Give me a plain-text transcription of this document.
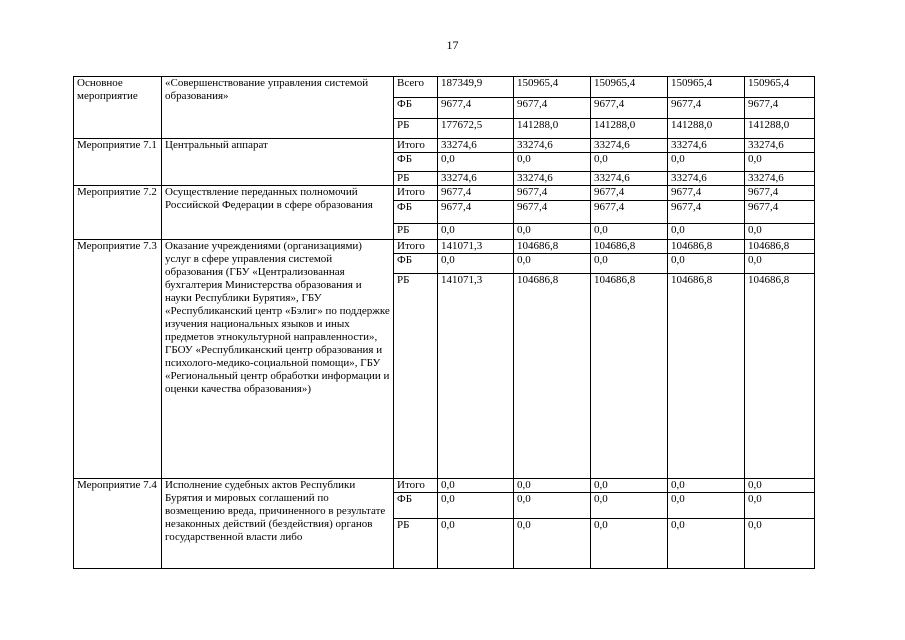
17
Основное мероприятие	«Совершенствование управления системой образования»	Всего	187349,9	150965,4	150965,4	150965,4	150965,4
		ФБ	9677,4	9677,4	9677,4	9677,4	9677,4
		РБ	177672,5	141288,0	141288,0	141288,0	141288,0
Мероприятие 7.1	Центральный аппарат	Итого	33274,6	33274,6	33274,6	33274,6	33274,6
		ФБ	0,0	0,0	0,0	0,0	0,0
		РБ	33274,6	33274,6	33274,6	33274,6	33274,6
Мероприятие 7.2	Осуществление переданных полномочий Российской Федерации в сфере образования	Итого	9677,4	9677,4	9677,4	9677,4	9677,4
		ФБ	9677,4	9677,4	9677,4	9677,4	9677,4
		РБ	0,0	0,0	0,0	0,0	0,0
Мероприятие 7.3	Оказание учреждениями (организациями) услуг в сфере управления системой образования (ГБУ «Централизованная бухгалтерия Министерства образования и науки Республики Бурятия», ГБУ «Республиканский центр «Бэлиг» по поддержке изучения национальных языков и иных предметов этнокультурной направленности», ГБОУ «Республиканский центр образования и психолого-медико-социальной помощи», ГБУ «Региональный центр обработки информации и оценки качества образования»)	Итого	141071,3	104686,8	104686,8	104686,8	104686,8
		ФБ	0,0	0,0	0,0	0,0	0,0
		РБ	141071,3	104686,8	104686,8	104686,8	104686,8
Мероприятие 7.4	Исполнение судебных актов Республики Бурятия и мировых соглашений по возмещению вреда, причиненного в результате незаконных действий (бездействия) органов государственной власти либо	Итого	0,0	0,0	0,0	0,0	0,0
		ФБ	0,0	0,0	0,0	0,0	0,0
		РБ	0,0	0,0	0,0	0,0	0,0
